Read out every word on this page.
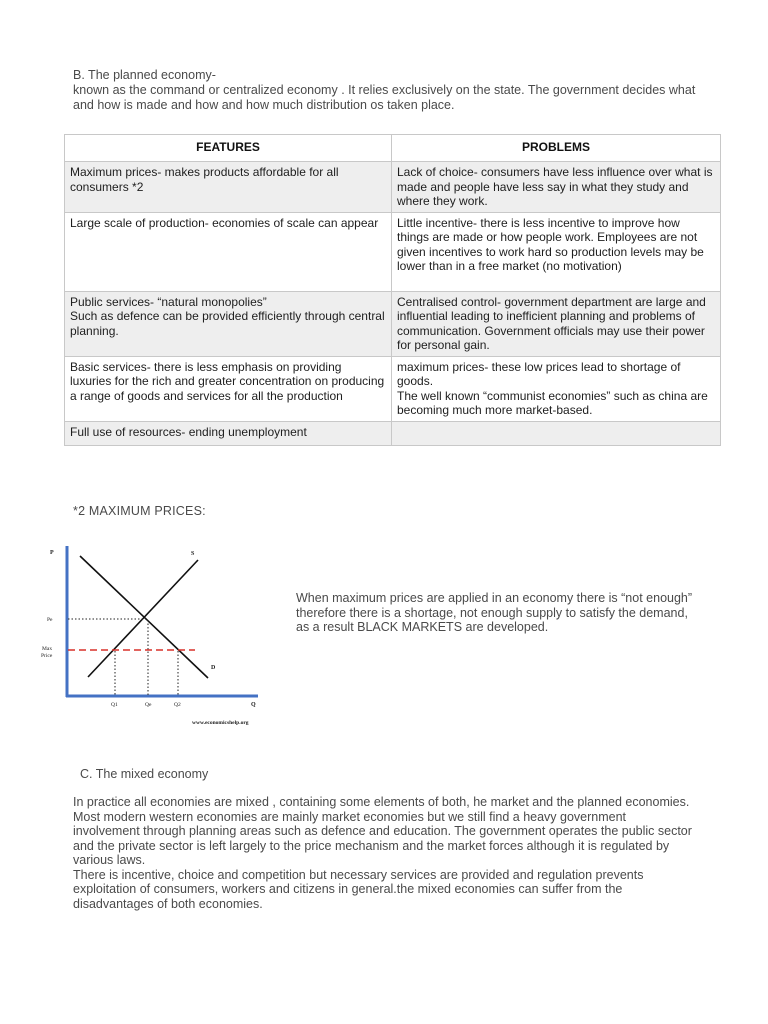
B. The planned economy-
known as the command or centralized economy . It relies exclusively on the state. The government decides what and how is made and how and how much distribution os taken place.
FEATURES	PROBLEMS

Maximum prices- makes products affordable for all consumers *2	Lack of choice- consumers have less influence over what is made and people have less say in what they study and where they work.

Large scale of production- economies of scale can appear	Little incentive- there is less incentive to improve how things are made or how people work. Employees are not given incentives to work hard so production levels may be lower than in a free market (no motivation)

Public services- “natural monopolies”
Such as defence can be provided efficiently through central planning.	Centralised control- government department are large and influential leading to inefficient planning and problems of communication. Government officials may use their power for personal gain.

Basic services- there is less emphasis on providing luxuries for the rich and greater concentration on producing a range of goods and services for all the production	maximum prices- these low prices lead to shortage of goods.
The well known “communist economies” such as china are becoming much more market-based.

Full use of resources- ending unemployment	

*2 MAXIMUM PRICES:
P
Q
S
D
Pe
Max
Price
Q1	Qe	Q2
www.economicshelp.org
When maximum prices are applied in an economy there is “not enough” therefore there is a shortage, not enough supply to satisfy the demand, as a result BLACK MARKETS are developed.
C. The mixed economy

In practice all economies are mixed , containing some elements of both, he market and the planned economies.

Most modern western economies are mainly market economies but we still find a heavy government involvement through planning areas such as defence and education. The government operates the public sector and the private sector is left largely to the price mechanism and the market forces although it is regulated by various laws.

There is incentive, choice and competition but necessary services are provided and regulation prevents exploitation of consumers, workers and citizens in general.the mixed economies can suffer from the disadvantages of both economies.
